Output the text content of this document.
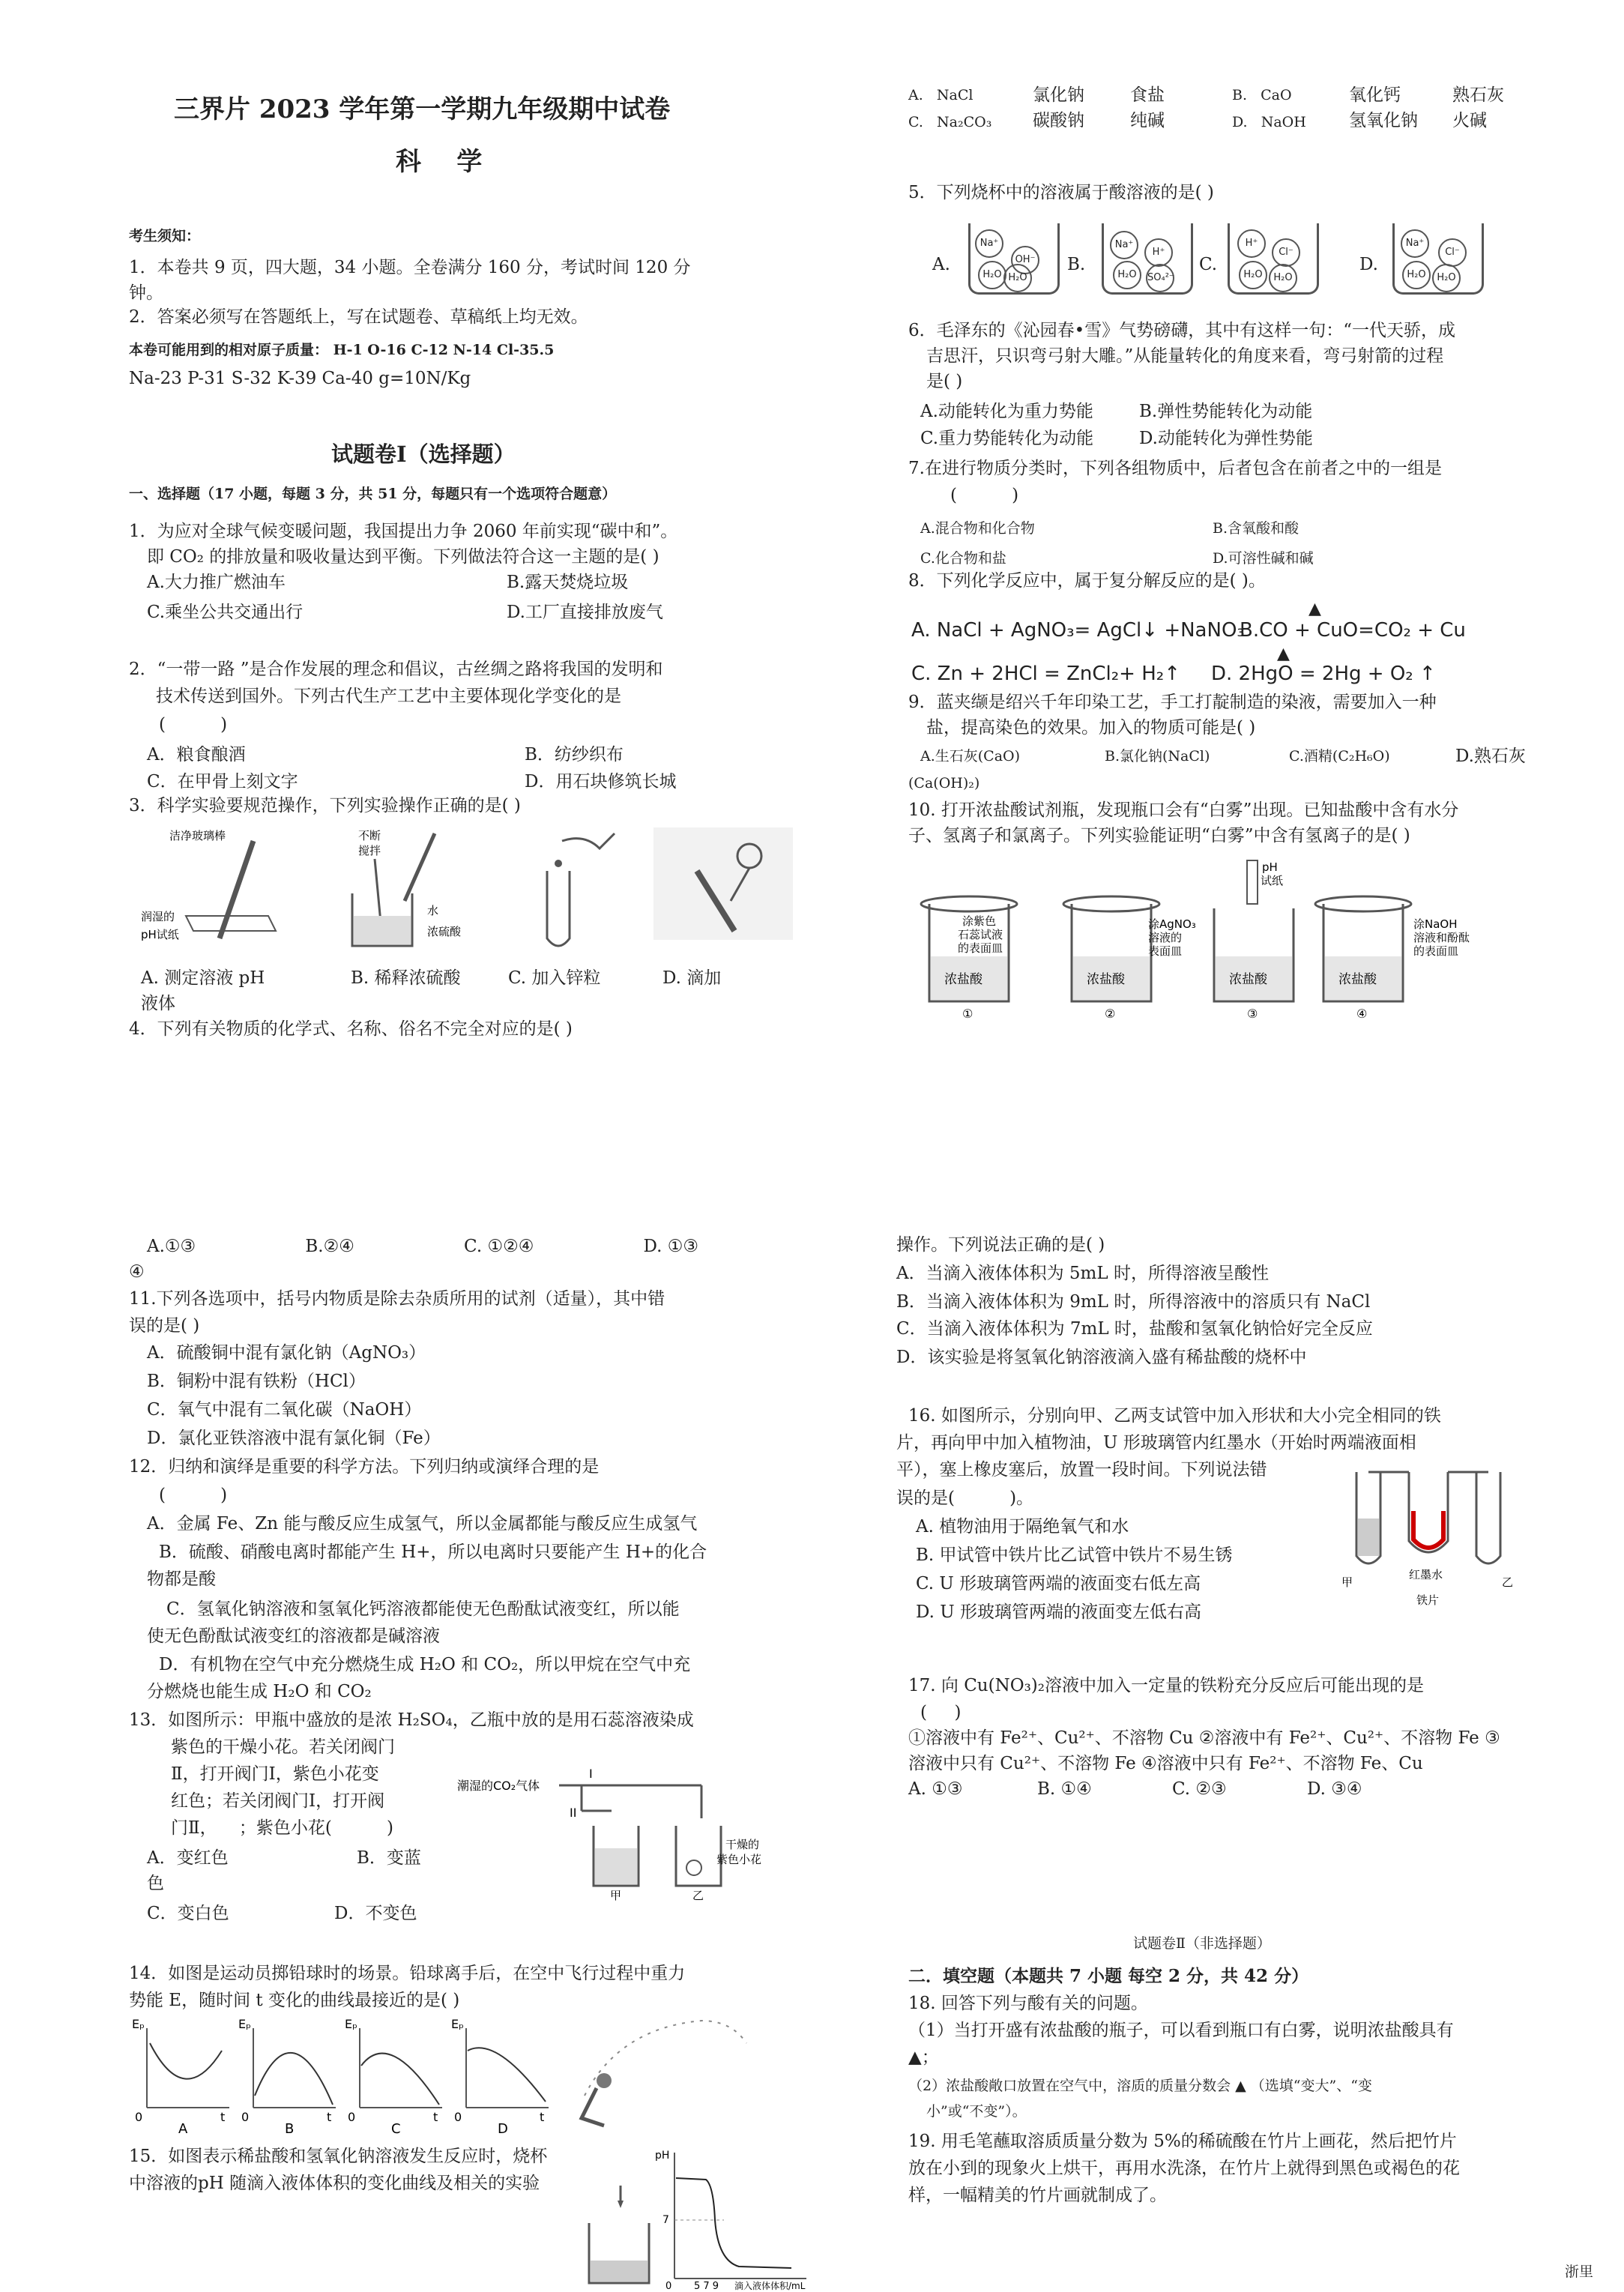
三界片 2023 学年第一学期九年级期中试卷
科    学
考生须知：
1．本卷共 9 页，四大题，34 小题。全卷满分 160 分，考试时间 120 分
钟。
2．答案必须写在答题纸上，写在试题卷、草稿纸上均无效。
本卷可能用到的相对原子质量： H-1 O-16 C-12 N-14 Cl-35.5
Na-23 P-31 S-32 K-39 Ca-40 g=10N/Kg
试题卷Ⅰ（选择题）
一、选择题（17 小题，每题 3 分，共 51 分，每题只有一个选项符合题意）
1．为应对全球气候变暖问题，我国提出力争 2060 年前实现“碳中和”。
即 CO₂ 的排放量和吸收量达到平衡。下列做法符合这一主题的是( )
A.大力推广燃油车	B.露天焚烧垃圾
C.乘坐公共交通出行	D.工厂直接排放废气
2．“一带一路 ”是合作发展的理念和倡议，古丝绸之路将我国的发明和
技术传送到国外。下列古代生产工艺中主要体现化学变化的是
(          )
A．粮食酿酒	B．纺纱织布
C．在甲骨上刻文字	D．用石块修筑长城
3．科学实验要规范操作，下列实验操作正确的是( )
洁净玻璃棒
润湿的
pH试纸
不断
搅拌
水
浓硫酸
A. 测定溶液 pH	B. 稀释浓硫酸	C. 加入锌粒	D. 滴加
液体
4．下列有关物质的化学式、名称、俗名不完全对应的是( )
A. NaCl	氯化钠	食盐	B. CaO	氧化钙	熟石灰
C. Na₂CO₃ 碳酸钠	纯碱	D. NaOH 氢氧化钠 火碱
5．下列烧杯中的溶液属于酸溶液的是( )
A.
Na⁺
OH⁻
H₂O H₂O
B.
Na⁺
H⁺
H₂O	SO₄²⁻
C.
H⁺
Cl⁻
H₂O	H₂O
D.
Na⁺
Cl⁻
H₂O	H₂O
6．毛泽东的《沁园春•雪》气势磅礴，其中有这样一句：“一代天骄，成
吉思汗，只识弯弓射大雕。”从能量转化的角度来看，弯弓射箭的过程
是( )
A.动能转化为重力势能	B.弹性势能转化为动能
C.重力势能转化为动能	D.动能转化为弹性势能
7.在进行物质分类时，下列各组物质中，后者包含在前者之中的一组是
(          )
A.混合物和化合物	B.含氧酸和酸
C.化合物和盐	D.可溶性碱和碱
8．下列化学反应中，属于复分解反应的是( )。
▲
A. NaCl + AgNO₃= AgCl↓ +NaNO₃
B.CO + CuO=CO₂ + Cu
▲
C. Zn + 2HCl = ZnCl₂+ H₂↑ D. 2HgO = 2Hg + O₂ ↑
9．蓝夹缬是绍兴千年印染工艺，手工打靛制造的染液，需要加入一种
盐，提高染色的效果。加入的物质可能是( )
A.生石灰(CaO)	B.氯化钠(NaCl)	C.酒精(C₂H₆O)	D.熟石灰
(Ca(OH)₂)
10. 打开浓盐酸试剂瓶，发现瓶口会有“白雾”出现。已知盐酸中含有水分
子、氢离子和氯离子。下列实验能证明“白雾”中含有氢离子的是( )
浓盐酸
涂紫色
石蕊试液
的表面皿
①
浓盐酸
涂AgNO₃
溶液的
表面皿
②
pH
试纸
浓盐酸
③
浓盐酸
涂NaOH
溶液和酚酞
的表面皿
④
A.①③                    B.②④                    C. ①②④                    D. ①③
④
11.下列各选项中，括号内物质是除去杂质所用的试剂（适量），其中错
误的是( )
A．硫酸铜中混有氯化钠（AgNO₃）
B．铜粉中混有铁粉（HCl）
C．氧气中混有二氧化碳（NaOH）
D．氯化亚铁溶液中混有氯化铜（Fe）
12．归纳和演绎是重要的科学方法。下列归纳或演绎合理的是
(          )
A．金属 Fe、Zn 能与酸反应生成氢气，所以金属都能与酸反应生成氢气
B．硫酸、硝酸电离时都能产生 H+，所以电离时只要能产生 H+的化合
物都是酸
C．氢氧化钠溶液和氢氧化钙溶液都能使无色酚酞试液变红，所以能
使无色酚酞试液变红的溶液都是碱溶液
D．有机物在空气中充分燃烧生成 H₂O 和 CO₂，所以甲烷在空气中充
分燃烧也能生成 H₂O 和 CO₂
13．如图所示：甲瓶中盛放的是浓 H₂SO₄，乙瓶中放的是用石蕊溶液染成
紫色的干燥小花。若关闭阀门
Ⅱ，打开阀门Ⅰ，紫色小花变
红色；若关闭阀门Ⅰ，打开阀
门Ⅱ，    ；紫色小花(          )
A．变红色	B．变蓝
色
C．变白色	D．不变色
潮湿的CO₂气体
I
II
甲	乙
干燥的
紫色小花
14．如图是运动员掷铅球时的场景。铅球离手后，在空中飞行过程中重力
势能 E，随时间 t 变化的曲线最接近的是( )
Eₚ
t
0
A
Eₚ
t
0
B
Eₚ
t
0
C
Eₚ
t
0
D
15．如图表示稀盐酸和氢氧化钠溶液发生反应时，烧杯
中溶液的pH 随滴入液体体积的变化曲线及相关的实验
pH
7
0 5 7 9 滴入液体体积/mL
操作。下列说法正确的是( )
A．当滴入液体体积为 5mL 时，所得溶液呈酸性
B．当滴入液体体积为 9mL 时，所得溶液中的溶质只有 NaCl
C．当滴入液体体积为 7mL 时，盐酸和氢氧化钠恰好完全反应
D．该实验是将氢氧化钠溶液滴入盛有稀盐酸的烧杯中
16. 如图所示，分别向甲、乙两支试管中加入形状和大小完全相同的铁
片，再向甲中加入植物油，U 形玻璃管内红墨水（开始时两端液面相
平），塞上橡皮塞后，放置一段时间。下列说法错
误的是(          )。
A. 植物油用于隔绝氧气和水
B. 甲试管中铁片比乙试管中铁片不易生锈
C. U 形玻璃管两端的液面变右低左高
D. U 形玻璃管两端的液面变左低右高
甲	乙
红墨水
铁片
17. 向 Cu(NO₃)₂溶液中加入一定量的铁粉充分反应后可能出现的是
(     )
①溶液中有 Fe²⁺、Cu²⁺、不溶物 Cu ②溶液中有 Fe²⁺、Cu²⁺、不溶物 Fe ③
溶液中只有 Cu²⁺、不溶物 Fe ④溶液中只有 Fe²⁺、不溶物 Fe、Cu
A. ①③	B. ①④	C. ②③	D. ③④
试题卷Ⅱ（非选择题）
二．填空题（本题共 7 小题 每空 2 分，共 42 分）
18. 回答下列与酸有关的问题。
（1）当打开盛有浓盐酸的瓶子，可以看到瓶口有白雾，说明浓盐酸具有
▲；
（2）浓盐酸敞口放置在空气中，溶质的质量分数会 ▲ （选填“变大”、“变
小”或“不变”）。
19. 用毛笔蘸取溶质质量分数为 5%的稀硫酸在竹片上画花，然后把竹片
放在小到的现象火上烘干，再用水洗涤，在竹片上就得到黑色或褐色的花
样，一幅精美的竹片画就制成了。
浙里
